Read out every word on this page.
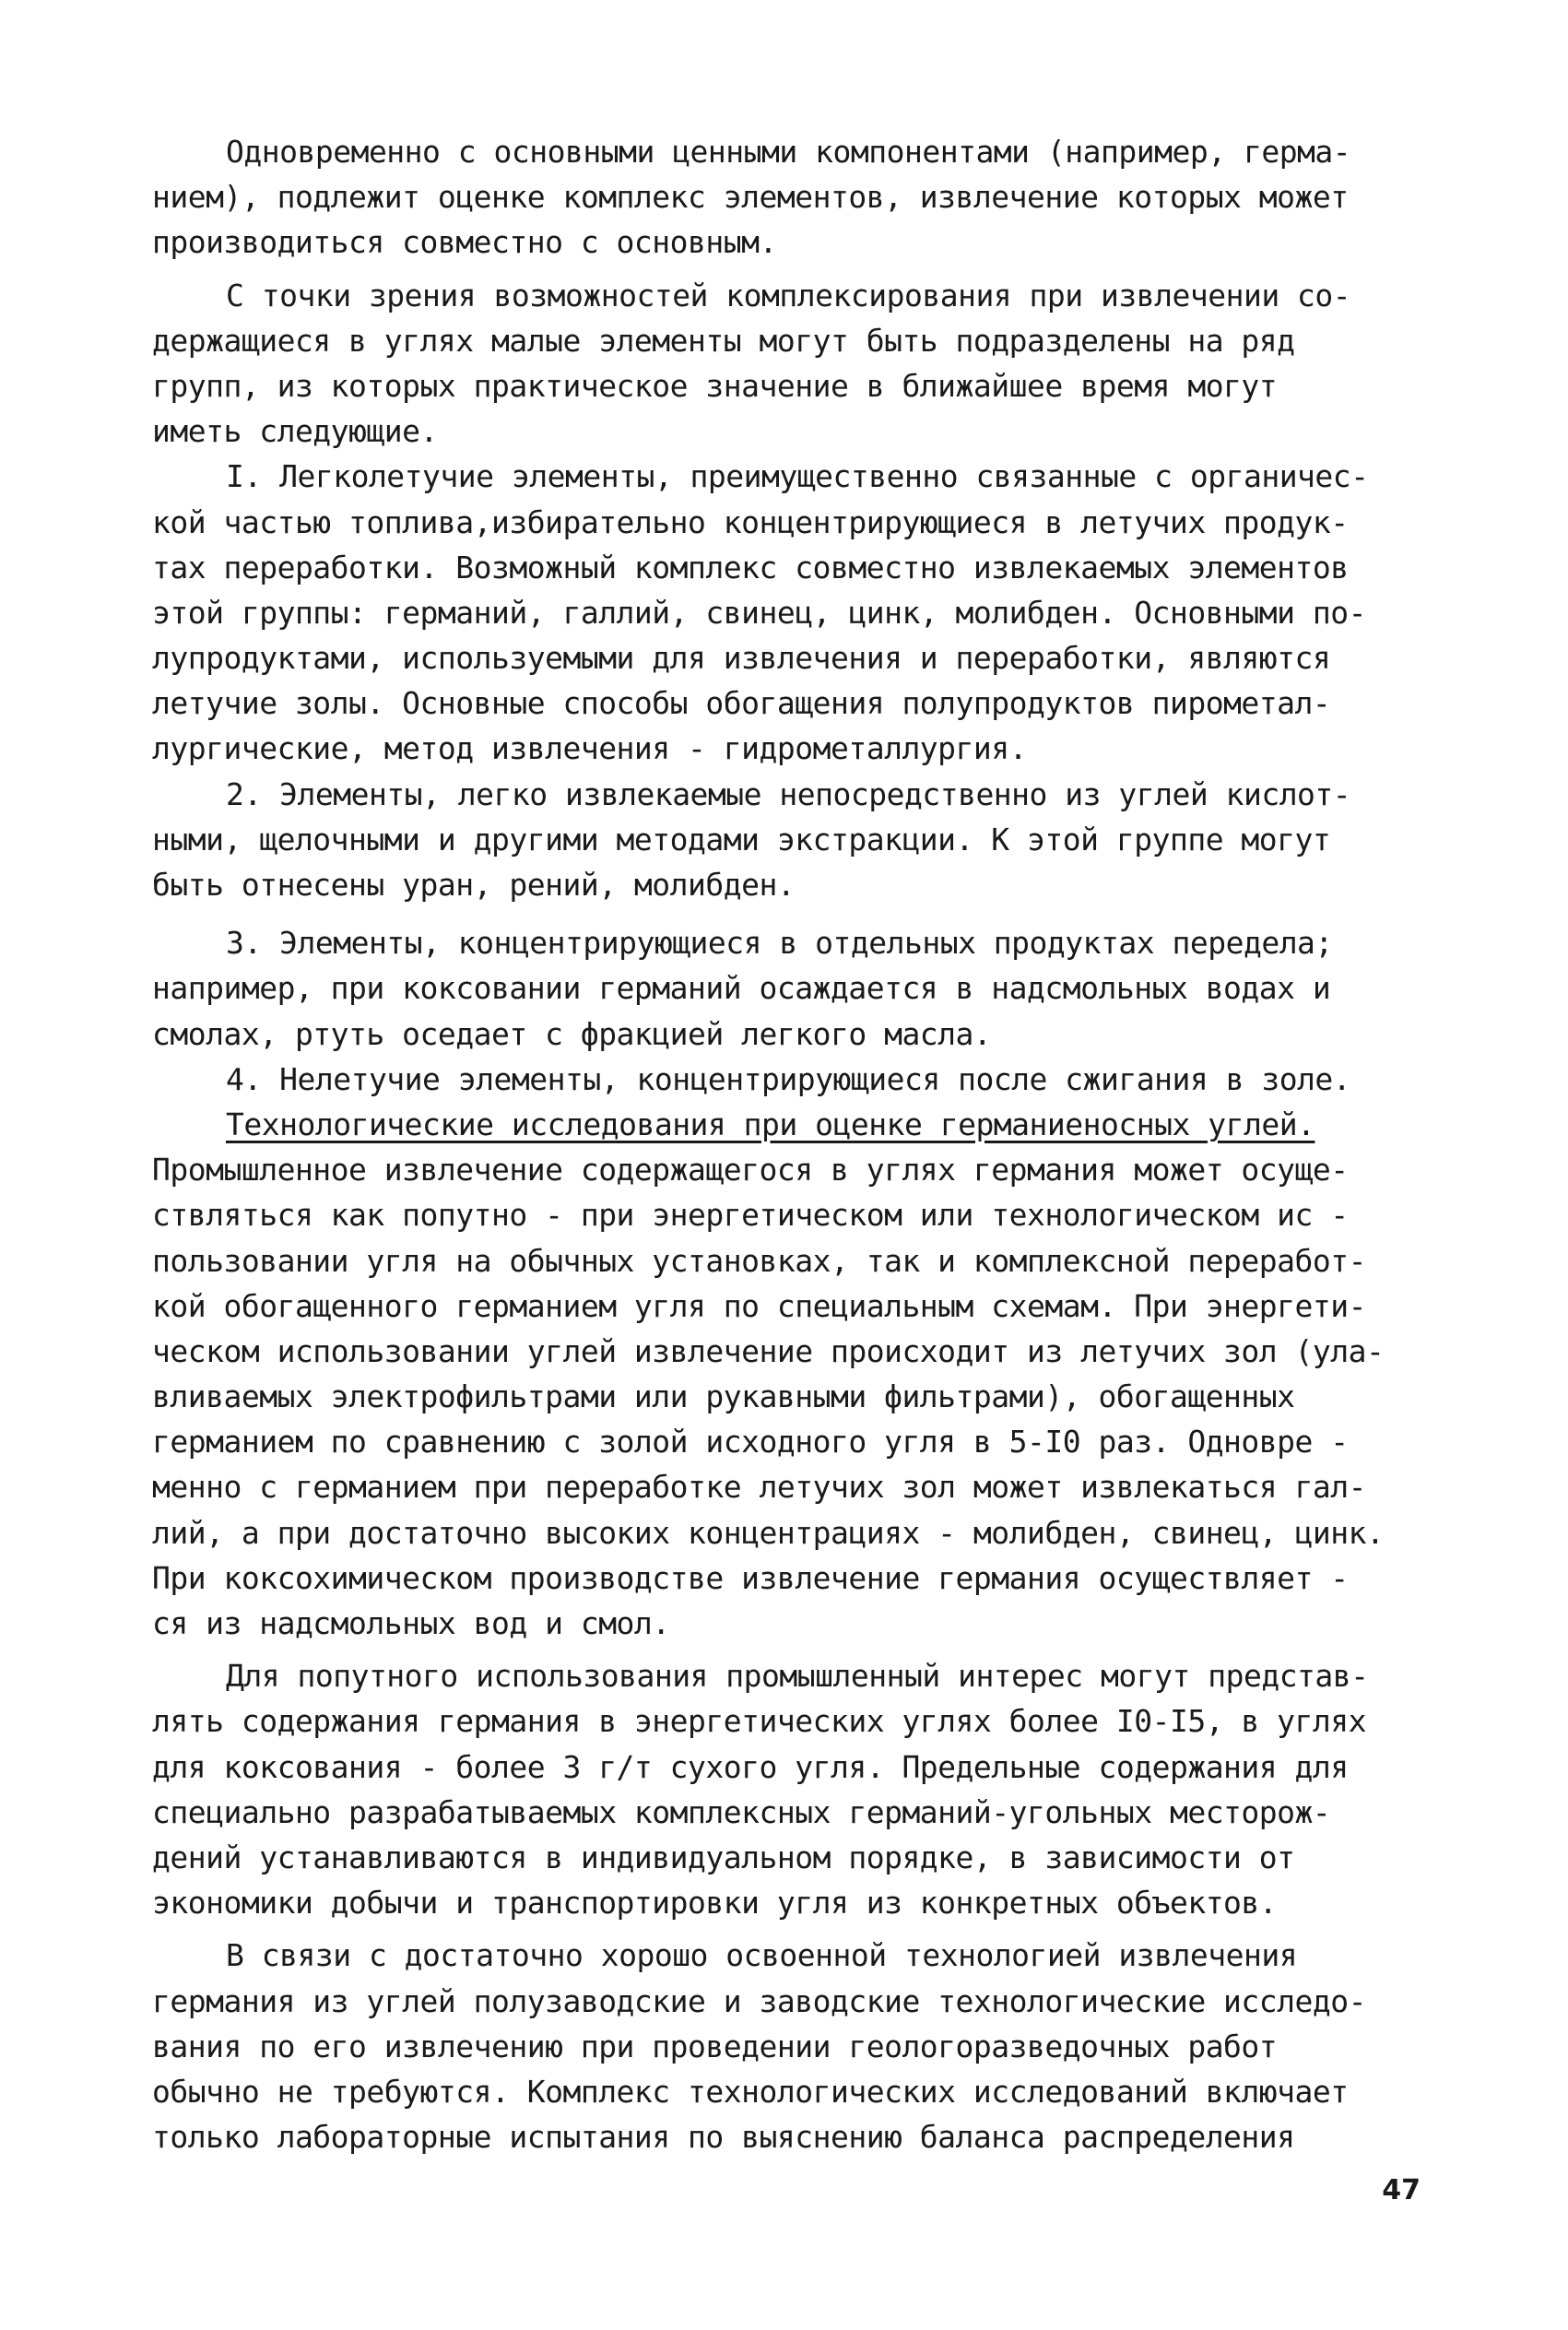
Одновременно с основными ценными компонентами (например, герма-
нием), подлежит оценке комплекс элементов, извлечение которых может
производиться совместно с основным.
С точки зрения возможностей комплексирования при извлечении со-
держащиеся в углях малые элементы могут быть подразделены на ряд
групп, из которых практическое значение в ближайшее время могут
иметь следующие.
I. Легколетучие элементы, преимущественно связанные с органичес-
кой частью топлива,избирательно концентрирующиеся в летучих продук-
тах переработки. Возможный комплекс совместно извлекаемых элементов
этой группы: германий, галлий, свинец, цинк, молибден. Основными по-
лупродуктами, используемыми для извлечения и переработки, являются
летучие золы. Основные способы обогащения полупродуктов пирометал-
лургические, метод извлечения - гидрометаллургия.
2. Элементы, легко извлекаемые непосредственно из углей кислот-
ными, щелочными и другими методами экстракции. К этой группе могут
быть отнесены уран, рений, молибден.
3. Элементы, концентрирующиеся в отдельных продуктах передела;
например, при коксовании германий осаждается в надсмольных водах и
смолах, ртуть оседает с фракцией легкого масла.
4. Нелетучие элементы, концентрирующиеся после сжигания в золе.
Технологические исследования при оценке германиеносных углей.
Промышленное извлечение содержащегося в углях германия может осуще-
ствляться как попутно - при энергетическом или технологическом ис -
пользовании угля на обычных установках, так и комплексной переработ-
кой обогащенного германием угля по специальным схемам. При энергети-
ческом использовании углей извлечение происходит из летучих зол (ула-
вливаемых электрофильтрами или рукавными фильтрами), обогащенных
германием по сравнению с золой исходного угля в 5-I0 раз. Одновре -
менно с германием при переработке летучих зол может извлекаться гал-
лий, а при достаточно высоких концентрациях - молибден, свинец, цинк.
При коксохимическом производстве извлечение германия осуществляет -
ся из надсмольных вод и смол.
Для попутного использования промышленный интерес могут представ-
лять содержания германия в энергетических углях более I0-I5, в углях
для коксования - более 3 г/т сухого угля. Предельные содержания для
специально разрабатываемых комплексных германий-угольных месторож-
дений устанавливаются в индивидуальном порядке, в зависимости от
экономики добычи и транспортировки угля из конкретных объектов.
В связи с достаточно хорошо освоенной технологией извлечения
германия из углей полузаводские и заводские технологические исследо-
вания по его извлечению при проведении геологоразведочных работ
обычно не требуются. Комплекс технологических исследований включает
только лабораторные испытания по выяснению баланса распределения
47
